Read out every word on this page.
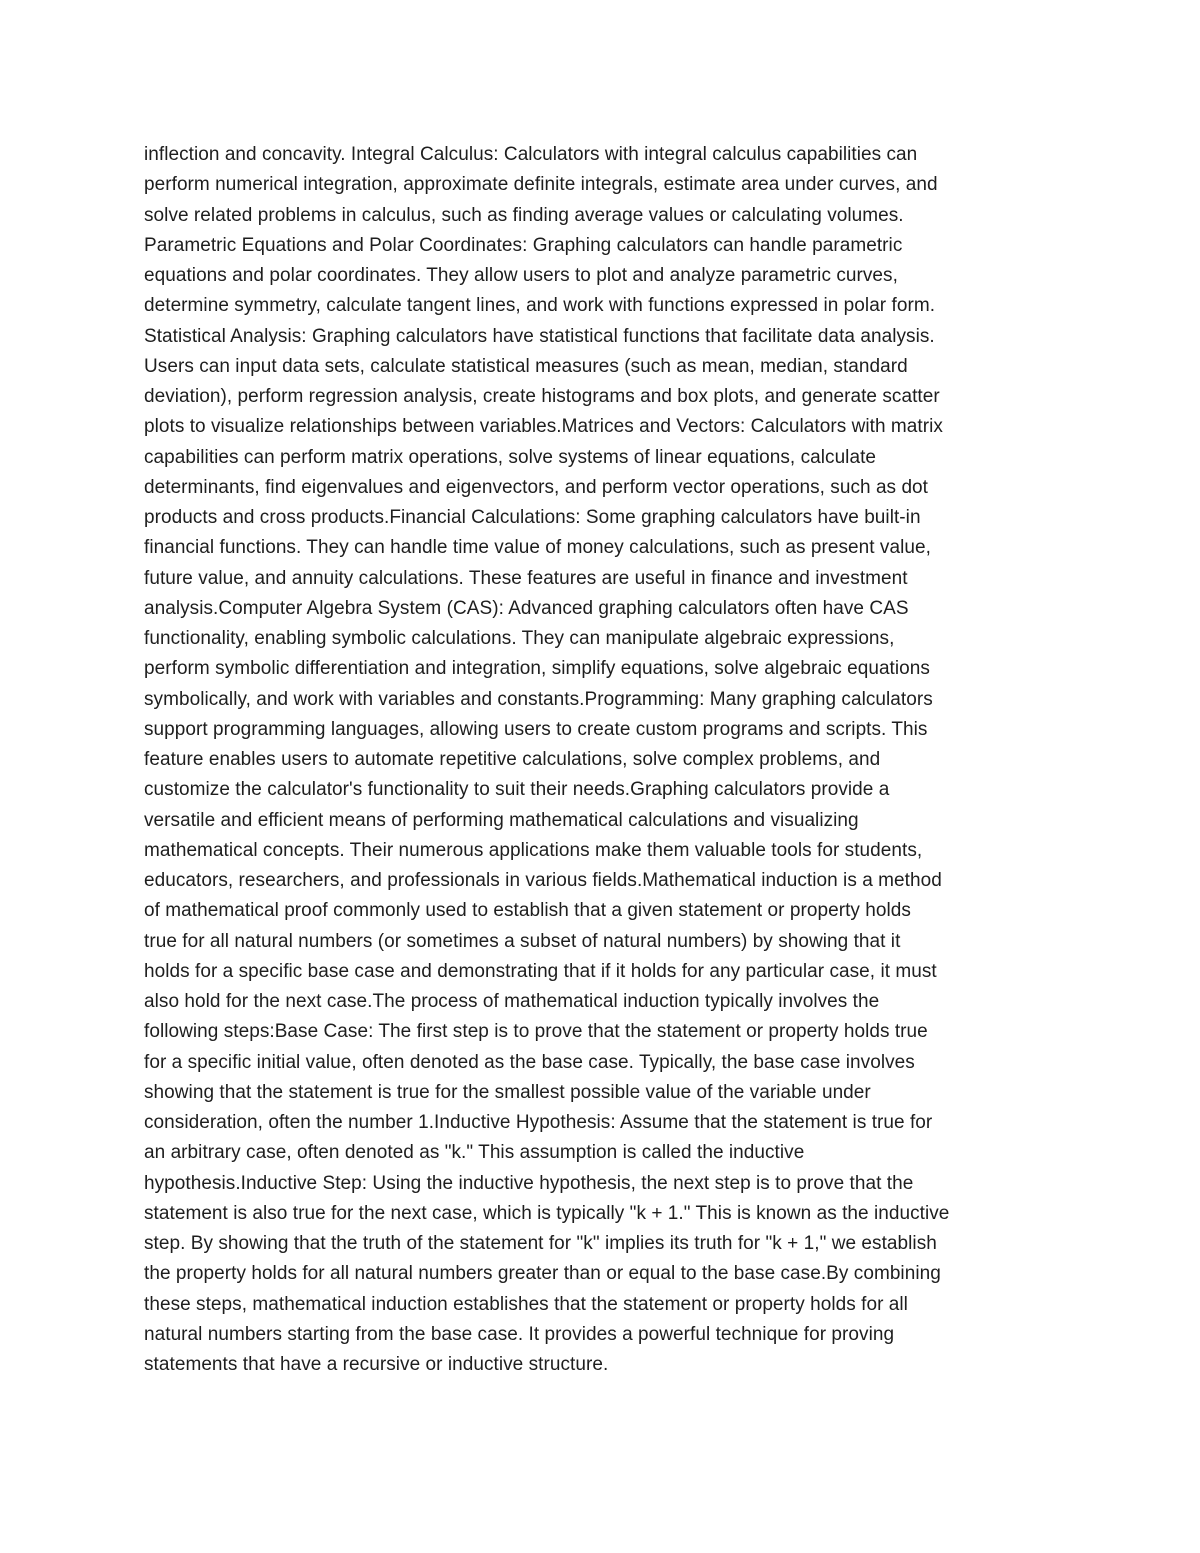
inflection and concavity. Integral Calculus: Calculators with integral calculus capabilities can
perform numerical integration, approximate definite integrals, estimate area under curves, and
solve related problems in calculus, such as finding average values or calculating volumes.
Parametric Equations and Polar Coordinates: Graphing calculators can handle parametric
equations and polar coordinates. They allow users to plot and analyze parametric curves,
determine symmetry, calculate tangent lines, and work with functions expressed in polar form.
Statistical Analysis: Graphing calculators have statistical functions that facilitate data analysis.
Users can input data sets, calculate statistical measures (such as mean, median, standard
deviation), perform regression analysis, create histograms and box plots, and generate scatter
plots to visualize relationships between variables.Matrices and Vectors: Calculators with matrix
capabilities can perform matrix operations, solve systems of linear equations, calculate
determinants, find eigenvalues and eigenvectors, and perform vector operations, such as dot
products and cross products.Financial Calculations: Some graphing calculators have built-in
financial functions. They can handle time value of money calculations, such as present value,
future value, and annuity calculations. These features are useful in finance and investment
analysis.Computer Algebra System (CAS): Advanced graphing calculators often have CAS
functionality, enabling symbolic calculations. They can manipulate algebraic expressions,
perform symbolic differentiation and integration, simplify equations, solve algebraic equations
symbolically, and work with variables and constants.Programming: Many graphing calculators
support programming languages, allowing users to create custom programs and scripts. This
feature enables users to automate repetitive calculations, solve complex problems, and
customize the calculator's functionality to suit their needs.Graphing calculators provide a
versatile and efficient means of performing mathematical calculations and visualizing
mathematical concepts. Their numerous applications make them valuable tools for students,
educators, researchers, and professionals in various fields.Mathematical induction is a method
of mathematical proof commonly used to establish that a given statement or property holds
true for all natural numbers (or sometimes a subset of natural numbers) by showing that it
holds for a specific base case and demonstrating that if it holds for any particular case, it must
also hold for the next case.The process of mathematical induction typically involves the
following steps:Base Case: The first step is to prove that the statement or property holds true
for a specific initial value, often denoted as the base case. Typically, the base case involves
showing that the statement is true for the smallest possible value of the variable under
consideration, often the number 1.Inductive Hypothesis: Assume that the statement is true for
an arbitrary case, often denoted as "k." This assumption is called the inductive
hypothesis.Inductive Step: Using the inductive hypothesis, the next step is to prove that the
statement is also true for the next case, which is typically "k + 1." This is known as the inductive
step. By showing that the truth of the statement for "k" implies its truth for "k + 1," we establish
the property holds for all natural numbers greater than or equal to the base case.By combining
these steps, mathematical induction establishes that the statement or property holds for all
natural numbers starting from the base case. It provides a powerful technique for proving
statements that have a recursive or inductive structure.
